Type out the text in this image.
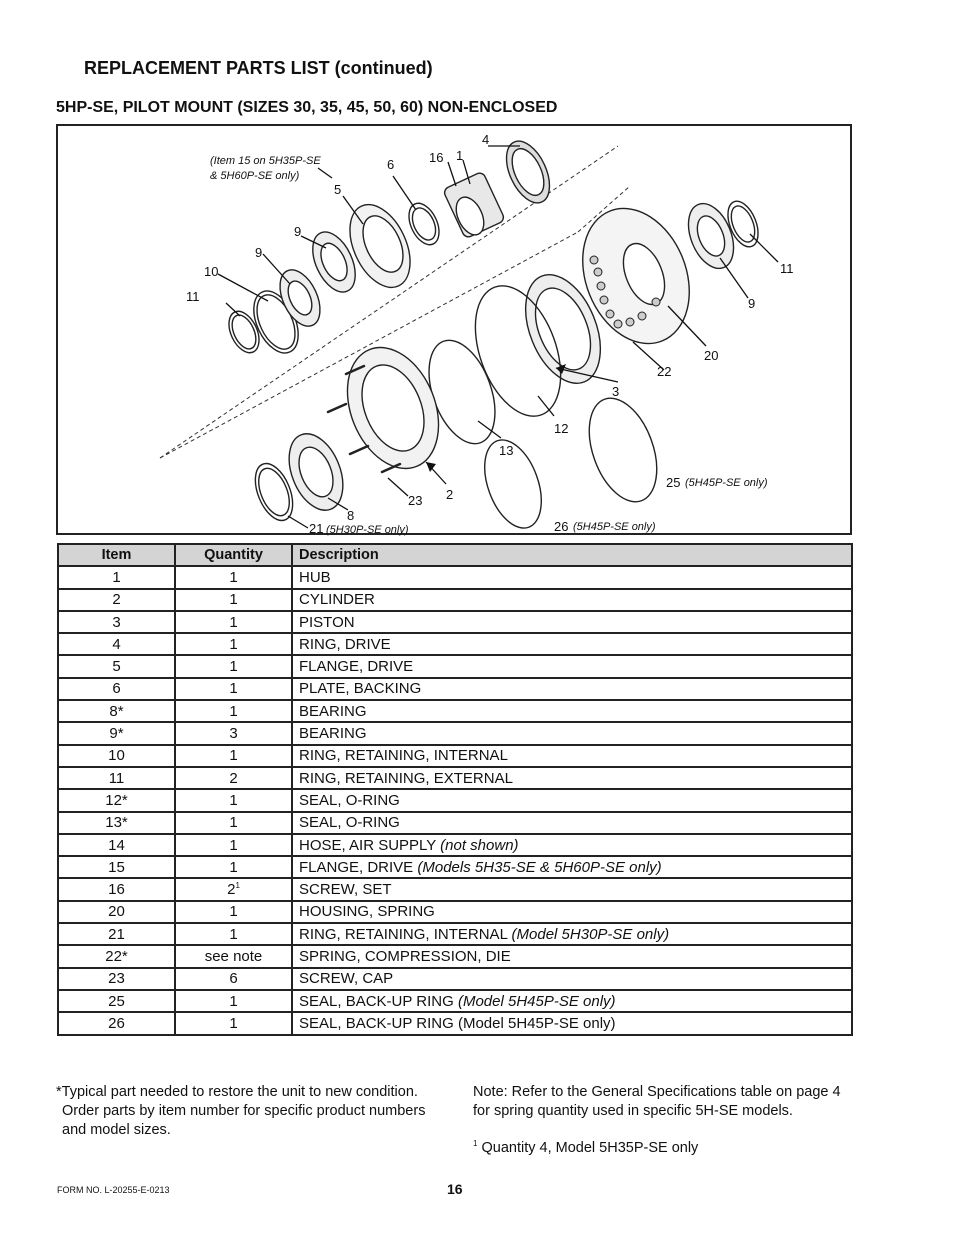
REPLACEMENT PARTS LIST (continued)
5HP-SE, PILOT MOUNT (SIZES 30, 35, 45, 50, 60) NON-ENCLOSED
11
10
9
9
5
6	16 1
4
11
9
20
22
3
12
13
2
23
8
21 (5H30P-SE only)
25 (5H45P-SE only)
26 (5H45P-SE only)
(Item 15 on 5H35P-SE
& 5H60P-SE only)
Item	Quantity	Description
1	1	HUB
2	1	CYLINDER
3	1	PISTON
4	1	RING, DRIVE
5	1	FLANGE, DRIVE
6	1	PLATE, BACKING
8*	1	BEARING
9*	3	BEARING
10	1	RING, RETAINING, INTERNAL
11	2	RING, RETAINING, EXTERNAL
12*	1	SEAL, O-RING
13*	1	SEAL, O-RING
14	1	HOSE, AIR SUPPLY (not shown)
15	1	FLANGE, DRIVE (Models 5H35-SE & 5H60P-SE only)
16	$2^1$	SCREW, SET
20	1	HOUSING, SPRING
21	1	RING, RETAINING, INTERNAL (Model 5H30P-SE only)
22*	see note	SPRING, COMPRESSION, DIE
23	6	SCREW, CAP
25	1	SEAL, BACK-UP RING (Model 5H45P-SE only)
26	1	SEAL, BACK-UP RING (Model 5H45P-SE only)
*Typical part needed to restore the unit to new condition.
Order parts by item number for specific product numbers
and model sizes.
Note: Refer to the General Specifications table on page 4
for spring quantity used in specific 5H-SE models.
$^1$ Quantity 4, Model 5H35P-SE only
FORM NO. L-20255-E-0213	16
